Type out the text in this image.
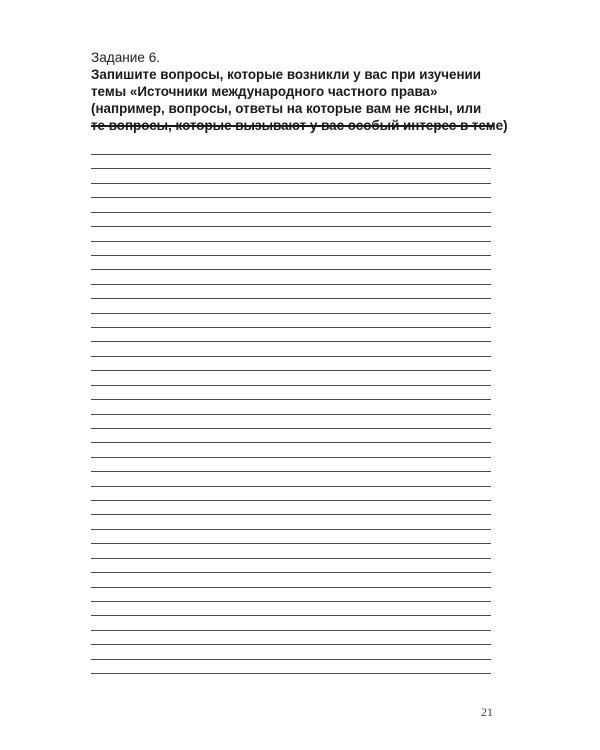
Задание 6.
Запишите вопросы, которые возникли у вас при изучении
темы «Источники международного частного права»
(например, вопросы, ответы на которые вам не ясны, или
те вопросы, которые вызывают у вас особый интерес в теме)
21
